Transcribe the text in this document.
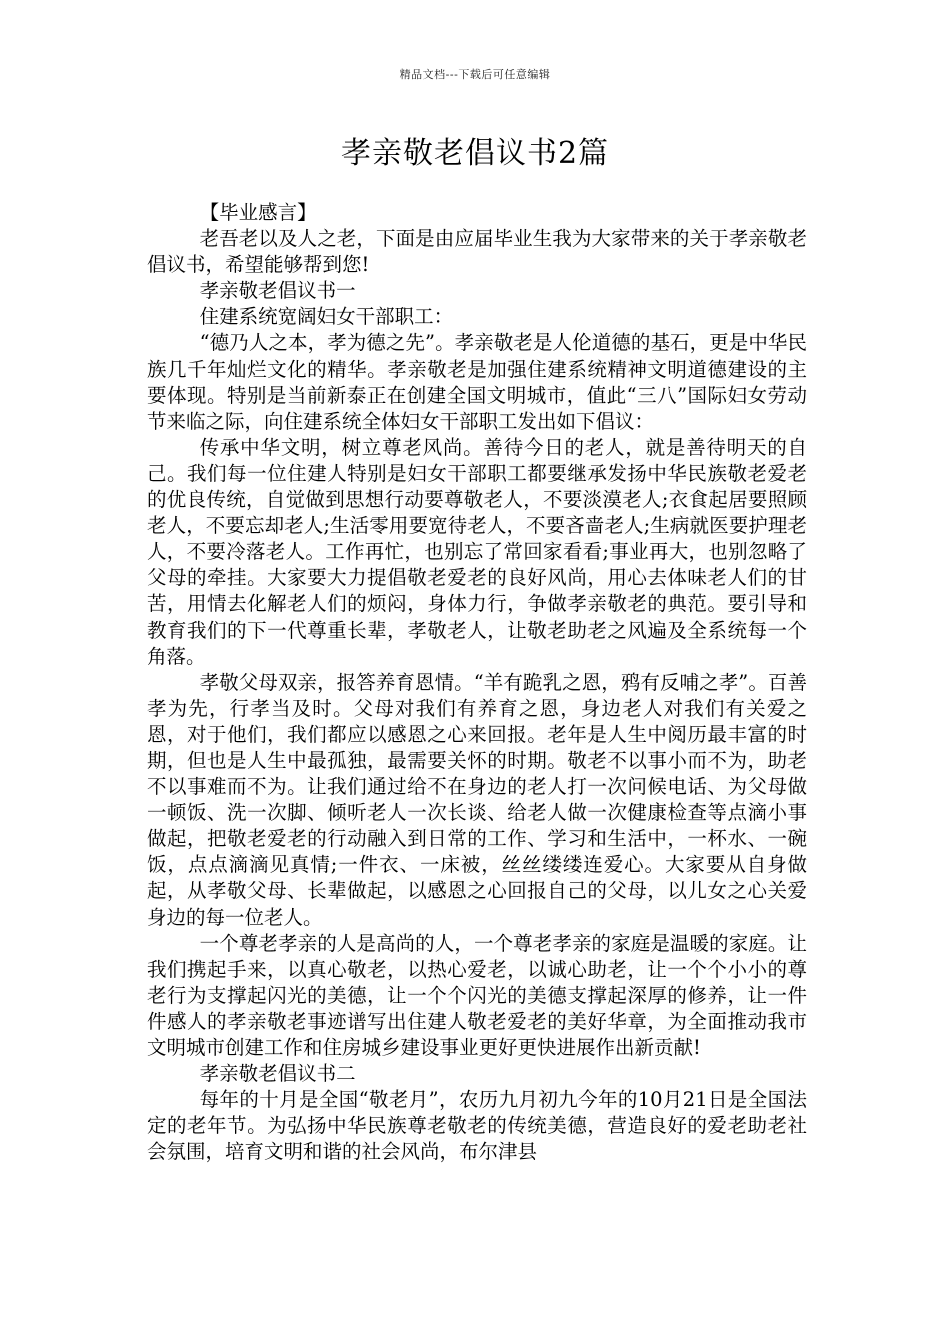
精品文档---下载后可任意编辑
孝亲敬老倡议书2篇

【毕业感言】

老吾老以及人之老，下面是由应届毕业生我为大家带来的关于孝亲敬老倡议书，希望能够帮到您!

孝亲敬老倡议书一

住建系统宽阔妇女干部职工：

“德乃人之本，孝为德之先”。孝亲敬老是人伦道德的基石，更是中华民族几千年灿烂文化的精华。孝亲敬老是加强住建系统精神文明道德建设的主要体现。特别是当前新泰正在创建全国文明城市，值此“三八”国际妇女劳动节来临之际，向住建系统全体妇女干部职工发出如下倡议：

传承中华文明，树立尊老风尚。善待今日的老人，就是善待明天的自己。我们每一位住建人特别是妇女干部职工都要继承发扬中华民族敬老爱老的优良传统，自觉做到思想行动要尊敬老人，不要淡漠老人;衣食起居要照顾老人，不要忘却老人;生活零用要宽待老人，不要吝啬老人;生病就医要护理老人，不要冷落老人。工作再忙，也别忘了常回家看看;事业再大，也别忽略了父母的牵挂。大家要大力提倡敬老爱老的良好风尚，用心去体味老人们的甘苦，用情去化解老人们的烦闷，身体力行，争做孝亲敬老的典范。要引导和教育我们的下一代尊重长辈，孝敬老人，让敬老助老之风遍及全系统每一个角落。

孝敬父母双亲，报答养育恩情。“羊有跪乳之恩，鸦有反哺之孝”。百善孝为先，行孝当及时。父母对我们有养育之恩，身边老人对我们有关爱之恩，对于他们，我们都应以感恩之心来回报。老年是人生中阅历最丰富的时期，但也是人生中最孤独，最需要关怀的时期。敬老不以事小而不为，助老不以事难而不为。让我们通过给不在身边的老人打一次问候电话、为父母做一顿饭、洗一次脚、倾听老人一次长谈、给老人做一次健康检查等点滴小事做起，把敬老爱老的行动融入到日常的工作、学习和生活中，一杯水、一碗饭，点点滴滴见真情;一件衣、一床被，丝丝缕缕连爱心。大家要从自身做起，从孝敬父母、长辈做起，以感恩之心回报自己的父母，以儿女之心关爱身边的每一位老人。

一个尊老孝亲的人是高尚的人，一个尊老孝亲的家庭是温暖的家庭。让我们携起手来，以真心敬老，以热心爱老，以诚心助老，让一个个小小的尊老行为支撑起闪光的美德，让一个个闪光的美德支撑起深厚的修养，让一件件感人的孝亲敬老事迹谱写出住建人敬老爱老的美好华章，为全面推动我市文明城市创建工作和住房城乡建设事业更好更快进展作出新贡献!

孝亲敬老倡议书二

每年的十月是全国“敬老月”，农历九月初九今年的10月21日是全国法定的老年节。为弘扬中华民族尊老敬老的传统美德，营造良好的爱老助老社会氛围，培育文明和谐的社会风尚，布尔津县
